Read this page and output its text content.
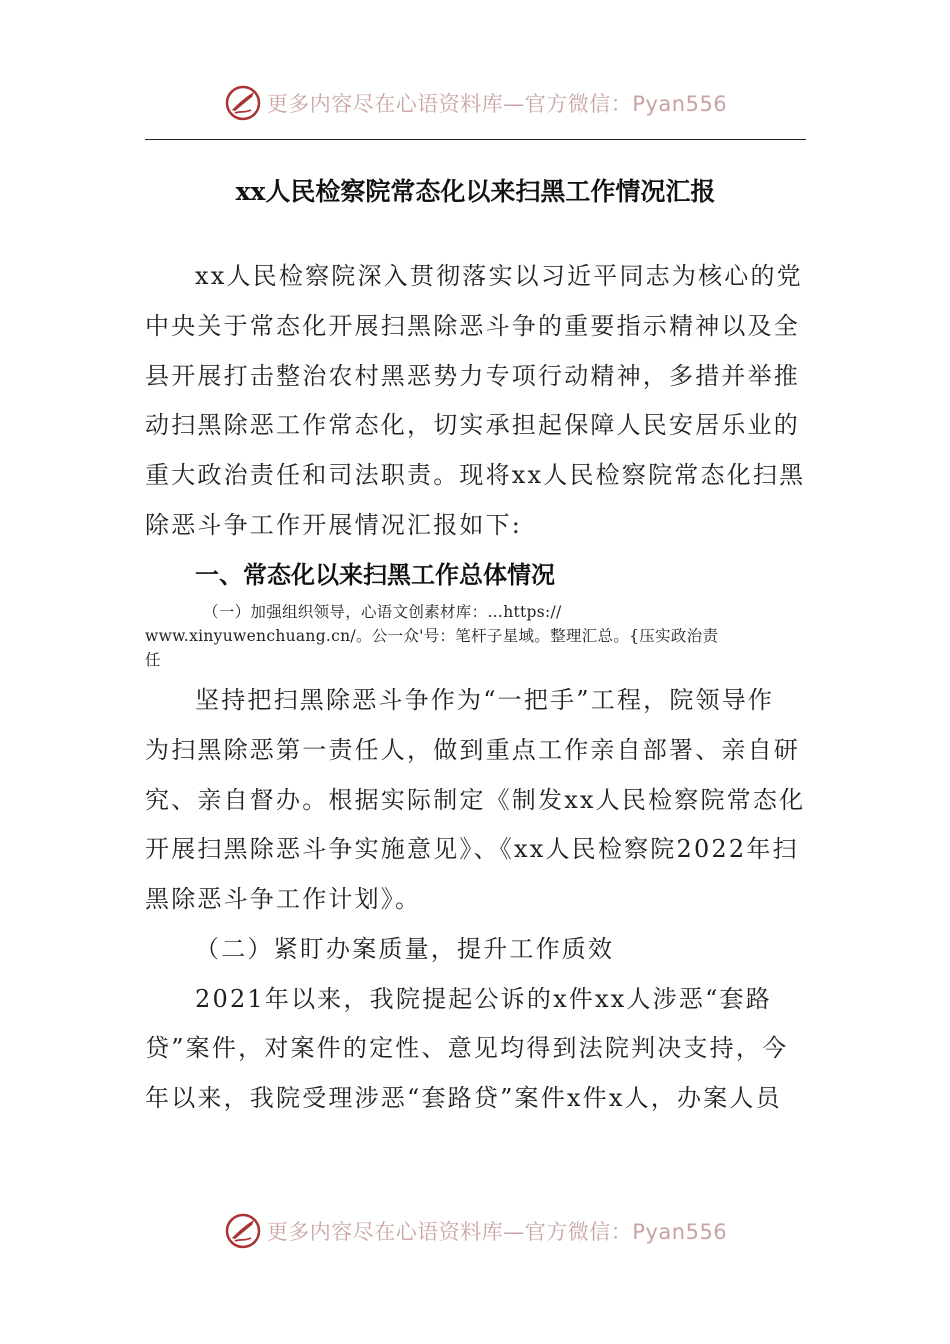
更多内容尽在心语资料库—官方微信：Pyan556
xx人民检察院常态化以来扫黑工作情况汇报
xx人民检察院深入贯彻落实以习近平同志为核心的党
中央关于常态化开展扫黑除恶斗争的重要指示精神以及全
县开展打击整治农村黑恶势力专项行动精神，多措并举推
动扫黑除恶工作常态化，切实承担起保障人民安居乐业的
重大政治责任和司法职责。现将xx人民检察院常态化扫黑
除恶斗争工作开展情况汇报如下:
一、常态化以来扫黑工作总体情况
（一）加强组织领导，心语文创素材库：…https://
www.xinyuwenchuang.cn/。公一众'号：笔杆子星域。整理汇总。{压实政治责
任
坚持把扫黑除恶斗争作为“一把手”工程，院领导作
为扫黑除恶第一责任人，做到重点工作亲自部署、亲自研
究、亲自督办。根据实际制定《制发xx人民检察院常态化
开展扫黑除恶斗争实施意见》、《xx人民检察院2022年扫
黑除恶斗争工作计划》。
（二）紧盯办案质量，提升工作质效
2021年以来，我院提起公诉的x件xx人涉恶“套路
贷”案件，对案件的定性、意见均得到法院判决支持，今
年以来，我院受理涉恶“套路贷”案件x件x人，办案人员
更多内容尽在心语资料库—官方微信：Pyan556
